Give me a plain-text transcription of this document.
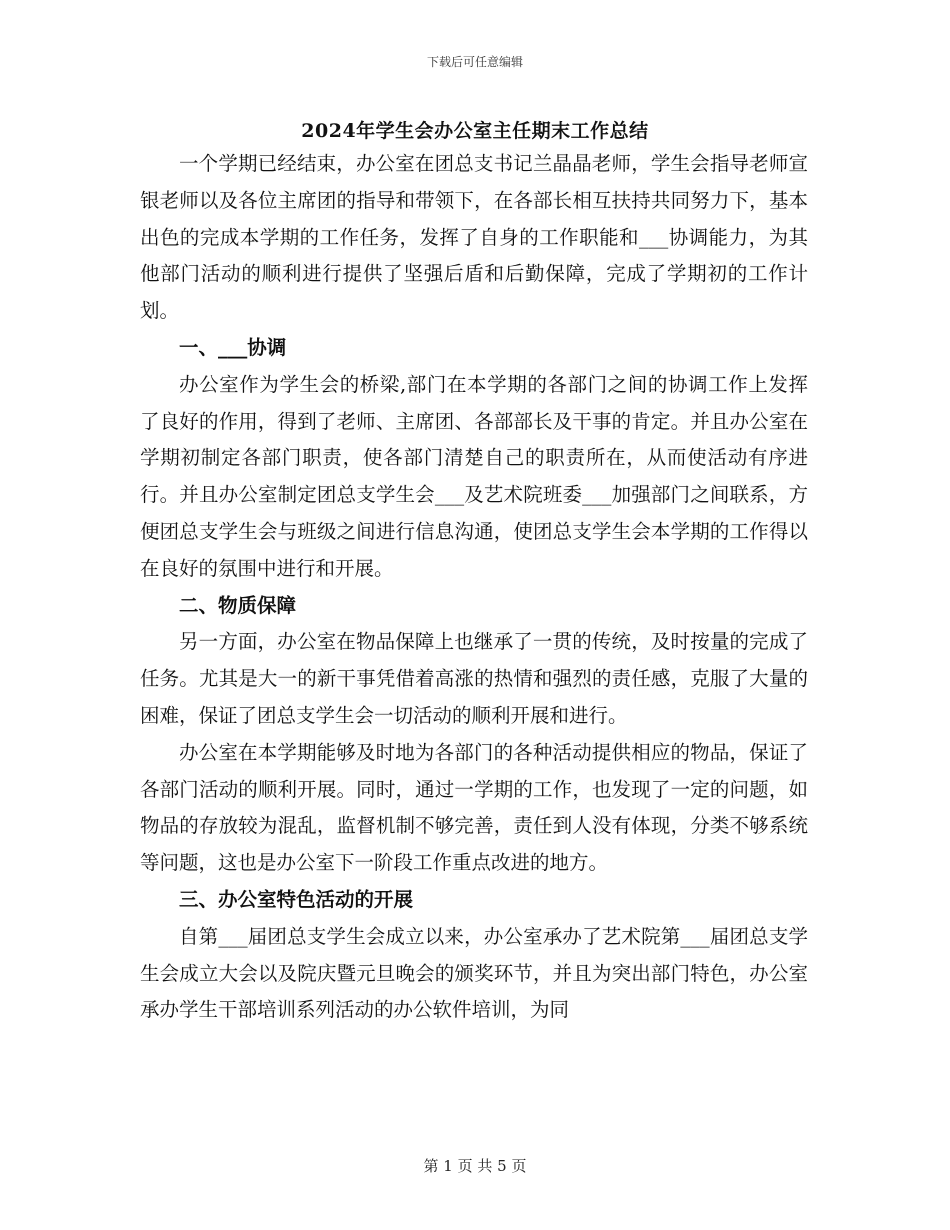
下载后可任意编辑
2024年学生会办公室主任期末工作总结

一个学期已经结束，办公室在团总支书记兰晶晶老师，学生会指导老师宣银老师以及各位主席团的指导和带领下，在各部长相互扶持共同努力下，基本出色的完成本学期的工作任务，发挥了自身的工作职能和___协调能力，为其他部门活动的顺利进行提供了坚强后盾和后勤保障，完成了学期初的工作计划。

一、___协调

办公室作为学生会的桥梁,部门在本学期的各部门之间的协调工作上发挥了良好的作用，得到了老师、主席团、各部部长及干事的肯定。并且办公室在学期初制定各部门职责，使各部门清楚自己的职责所在，从而使活动有序进行。并且办公室制定团总支学生会___及艺术院班委___加强部门之间联系，方便团总支学生会与班级之间进行信息沟通，使团总支学生会本学期的工作得以在良好的氛围中进行和开展。

二、物质保障

另一方面，办公室在物品保障上也继承了一贯的传统，及时按量的完成了任务。尤其是大一的新干事凭借着高涨的热情和强烈的责任感，克服了大量的困难，保证了团总支学生会一切活动的顺利开展和进行。

办公室在本学期能够及时地为各部门的各种活动提供相应的物品，保证了各部门活动的顺利开展。同时，通过一学期的工作，也发现了一定的问题，如物品的存放较为混乱，监督机制不够完善，责任到人没有体现，分类不够系统等问题，这也是办公室下一阶段工作重点改进的地方。

三、办公室特色活动的开展

自第___届团总支学生会成立以来，办公室承办了艺术院第___届团总支学生会成立大会以及院庆暨元旦晚会的颁奖环节，并且为突出部门特色，办公室承办学生干部培训系列活动的办公软件培训，为同

第 1 页 共 5 页
